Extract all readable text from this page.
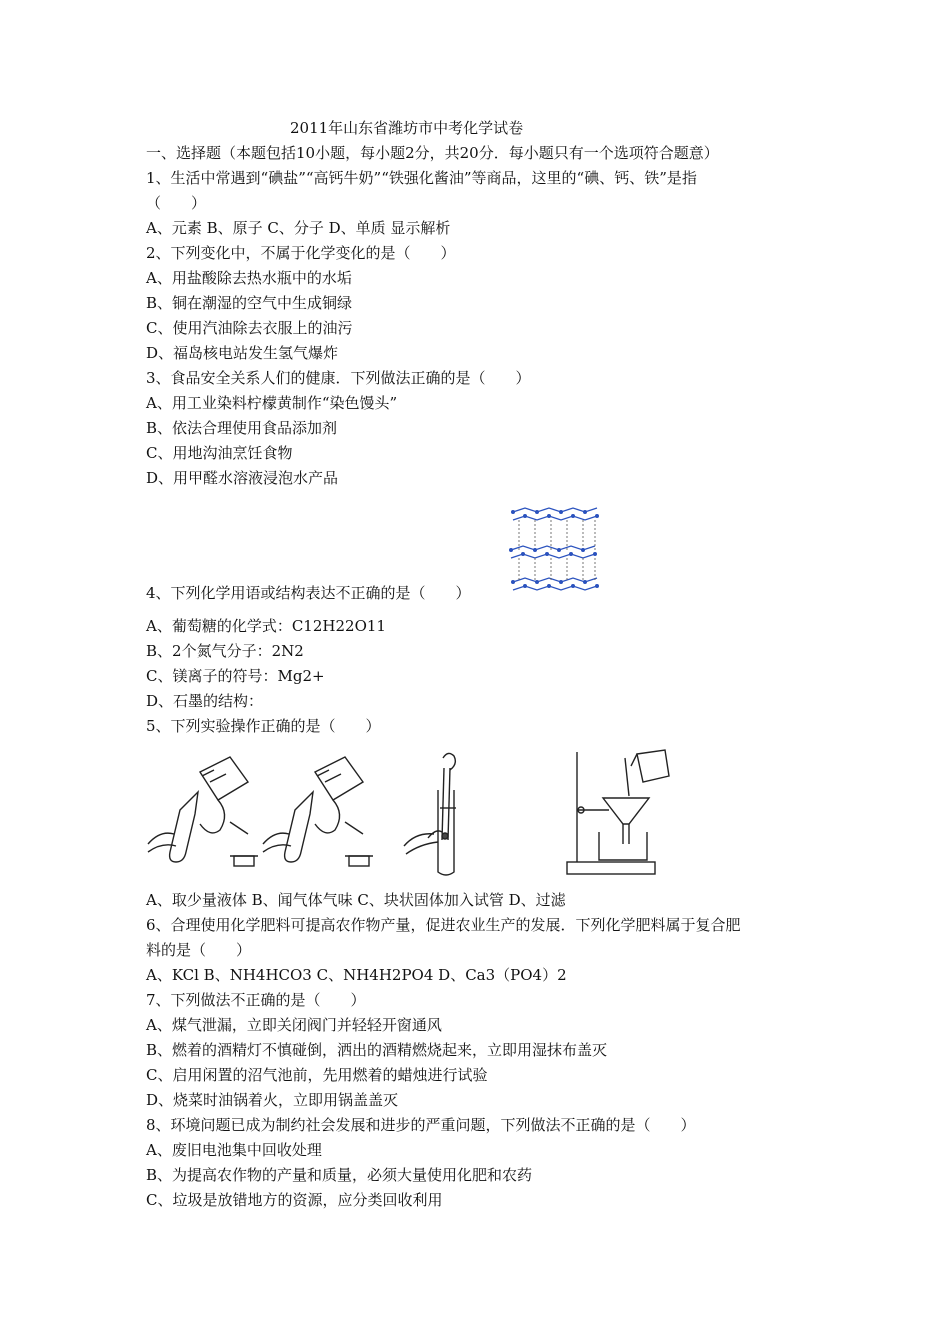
2011年山东省潍坊市中考化学试卷
一、选择题（本题包括10小题，每小题2分，共20分．每小题只有一个选项符合题意）
1、生活中常遇到“碘盐”“高钙牛奶”“铁强化酱油”等商品，这里的“碘、钙、铁”是指
（　　）
A、元素 B、原子 C、分子 D、单质 显示解析
2、下列变化中，不属于化学变化的是（　　）
A、用盐酸除去热水瓶中的水垢
B、铜在潮湿的空气中生成铜绿
C、使用汽油除去衣服上的油污
D、福岛核电站发生氢气爆炸
3、食品安全关系人们的健康．下列做法正确的是（　　）
A、用工业染料柠檬黄制作“染色馒头”
B、依法合理使用食品添加剂
C、用地沟油烹饪食物
D、用甲醛水溶液浸泡水产品
4、下列化学用语或结构表达不正确的是（　　）
A、葡萄糖的化学式：C12H22O11
B、2个氮气分子：2N2
C、镁离子的符号：Mg2+
D、石墨的结构：
5、下列实验操作正确的是（　　）
A、取少量液体 B、闻气体气味 C、块状固体加入试管 D、过滤
6、合理使用化学肥料可提高农作物产量，促进农业生产的发展．下列化学肥料属于复合肥
料的是（　　）
A、KCl B、NH4HCO3 C、NH4H2PO4 D、Ca3（PO4）2
7、下列做法不正确的是（　　）
A、煤气泄漏，立即关闭阀门并轻轻开窗通风
B、燃着的酒精灯不慎碰倒，洒出的酒精燃烧起来，立即用湿抹布盖灭
C、启用闲置的沼气池前，先用燃着的蜡烛进行试验
D、烧菜时油锅着火，立即用锅盖盖灭
8、环境问题已成为制约社会发展和进步的严重问题，下列做法不正确的是（　　）
A、废旧电池集中回收处理
B、为提高农作物的产量和质量，必须大量使用化肥和农药
C、垃圾是放错地方的资源，应分类回收利用
